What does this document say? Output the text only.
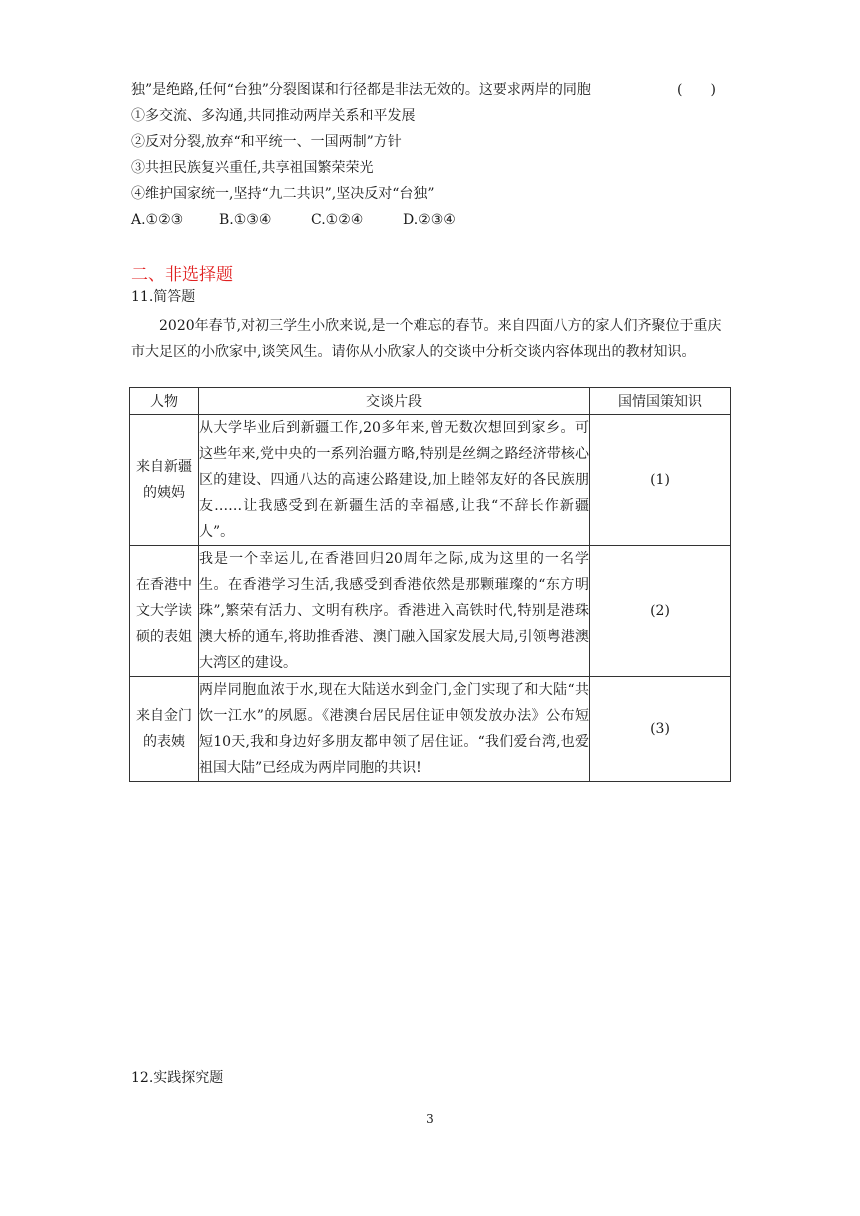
独”是绝路,任何“台独”分裂图谋和行径都是非法无效的。这要求两岸的同胞	(　　)
①多交流、多沟通,共同推动两岸关系和平发展
②反对分裂,放弃“和平统一、一国两制”方针
③共担民族复兴重任,共享祖国繁荣荣光
④维护国家统一,坚持“九二共识”,坚决反对“台独”
A.①②③	B.①③④	C.①②④	D.②③④
二、非选择题
11.简答题
2020年春节,对初三学生小欣来说,是一个难忘的春节。来自四面八方的家人们齐聚位于重庆市大足区的小欣家中,谈笑风生。请你从小欣家人的交谈中分析交谈内容体现出的教材知识。
人物	交谈片段	国情国策知识
来自新疆的姨妈	从大学毕业后到新疆工作,20多年来,曾无数次想回到家乡。可这些年来,党中央的一系列治疆方略,特别是丝绸之路经济带核心区的建设、四通八达的高速公路建设,加上睦邻友好的各民族朋友……让我感受到在新疆生活的幸福感,让我“不辞长作新疆人”。	(1)
在香港中文大学读硕的表姐	我是一个幸运儿,在香港回归20周年之际,成为这里的一名学生。在香港学习生活,我感受到香港依然是那颗璀璨的“东方明珠”,繁荣有活力、文明有秩序。香港进入高铁时代,特别是港珠澳大桥的通车,将助推香港、澳门融入国家发展大局,引领粤港澳大湾区的建设。	(2)
来自金门的表姨	两岸同胞血浓于水,现在大陆送水到金门,金门实现了和大陆“共饮一江水”的夙愿。《港澳台居民居住证申领发放办法》公布短短10天,我和身边好多朋友都申领了居住证。“我们爱台湾,也爱祖国大陆”已经成为两岸同胞的共识!	(3)
12.实践探究题
3
